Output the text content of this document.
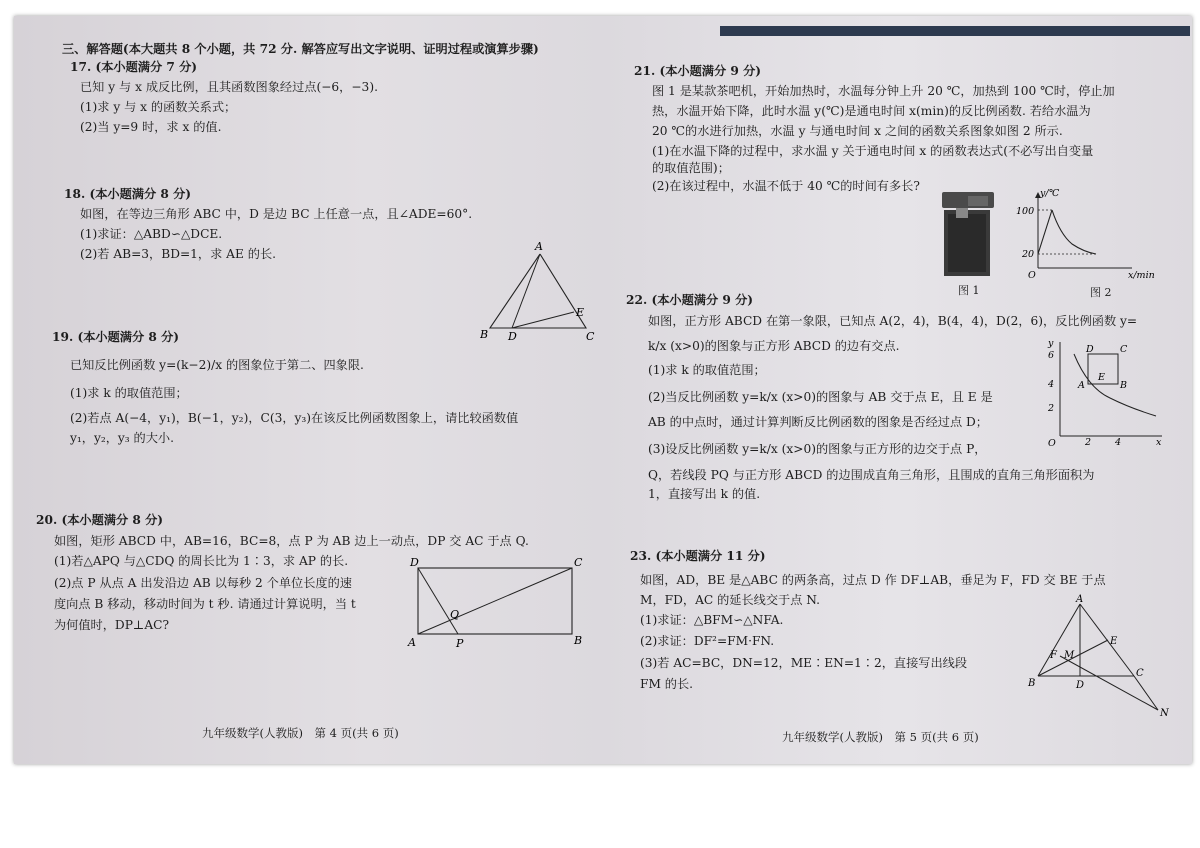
三、解答题(本大题共 8 个小题，共 72 分. 解答应写出文字说明、证明过程或演算步骤)
17. (本小题满分 7 分)
已知 y 与 x 成反比例，且其函数图象经过点(−6，−3).
(1)求 y 与 x 的函数关系式；
(2)当 y=9 时，求 x 的值.
18. (本小题满分 8 分)
如图，在等边三角形 ABC 中，D 是边 BC 上任意一点，且∠ADE=60°.
(1)求证：△ABD∽△DCE.
(2)若 AB=3，BD=1，求 AE 的长.
A
B D	C
E
19. (本小题满分 8 分)
已知反比例函数 y=(k−2)/x 的图象位于第二、四象限.
(1)求 k 的取值范围；
(2)若点 A(−4，y₁)，B(−1，y₂)，C(3，y₃)在该反比例函数图象上，请比较函数值
y₁，y₂，y₃ 的大小.
20. (本小题满分 8 分)
如图，矩形 ABCD 中，AB=16，BC=8，点 P 为 AB 边上一动点，DP 交 AC 于点 Q.
(1)若△APQ 与△CDQ 的周长比为 1∶3，求 AP 的长.
(2)点 P 从点 A 出发沿边 AB 以每秒 2 个单位长度的速
度向点 B 移动，移动时间为 t 秒. 请通过计算说明，当 t
为何值时，DP⊥AC?
D	C
Q
A	P	B
九年级数学(人教版)　第 4 页(共 6 页)
21. (本小题满分 9 分)
图 1 是某款茶吧机，开始加热时，水温每分钟上升 20 ℃，加热到 100 ℃时，停止加
热，水温开始下降，此时水温 y(℃)是通电时间 x(min)的反比例函数. 若给水温为
20 ℃的水进行加热，水温 y 与通电时间 x 之间的函数关系图象如图 2 所示.
(1)在水温下降的过程中，求水温 y 关于通电时间 x 的函数表达式(不必写出自变量
的取值范围)；
(2)在该过程中，水温不低于 40 ℃的时间有多长?
图 1
y/℃
x/min
100
20
O
图 2
22. (本小题满分 9 分)
如图，正方形 ABCD 在第一象限，已知点 A(2，4)，B(4，4)，D(2，6)，反比例函数 y=
k/x (x>0)的图象与正方形 ABCD 的边有交点.
(1)求 k 的取值范围；
(2)当反比例函数 y=k/x (x>0)的图象与 AB 交于点 E，且 E 是
AB 的中点时，通过计算判断反比例函数的图象是否经过点 D；
(3)设反比例函数 y=k/x (x>0)的图象与正方形的边交于点 P，
Q，若线段 PQ 与正方形 ABCD 的边围成直角三角形，且围成的直角三角形面积为
1，直接写出 k 的值.
y
x
O	2	4
6
4
2
A	B
C
D
E
23. (本小题满分 11 分)
如图，AD，BE 是△ABC 的两条高，过点 D 作 DF⊥AB，垂足为 F，FD 交 BE 于点
M，FD，AC 的延长线交于点 N.
(1)求证：△BFM∽△NFA.
(2)求证：DF²=FM·FN.
(3)若 AC=BC，DN=12，ME∶EN=1∶2，直接写出线段
FM 的长.
A
E
F M
B	D
C
N
九年级数学(人教版)　第 5 页(共 6 页)
